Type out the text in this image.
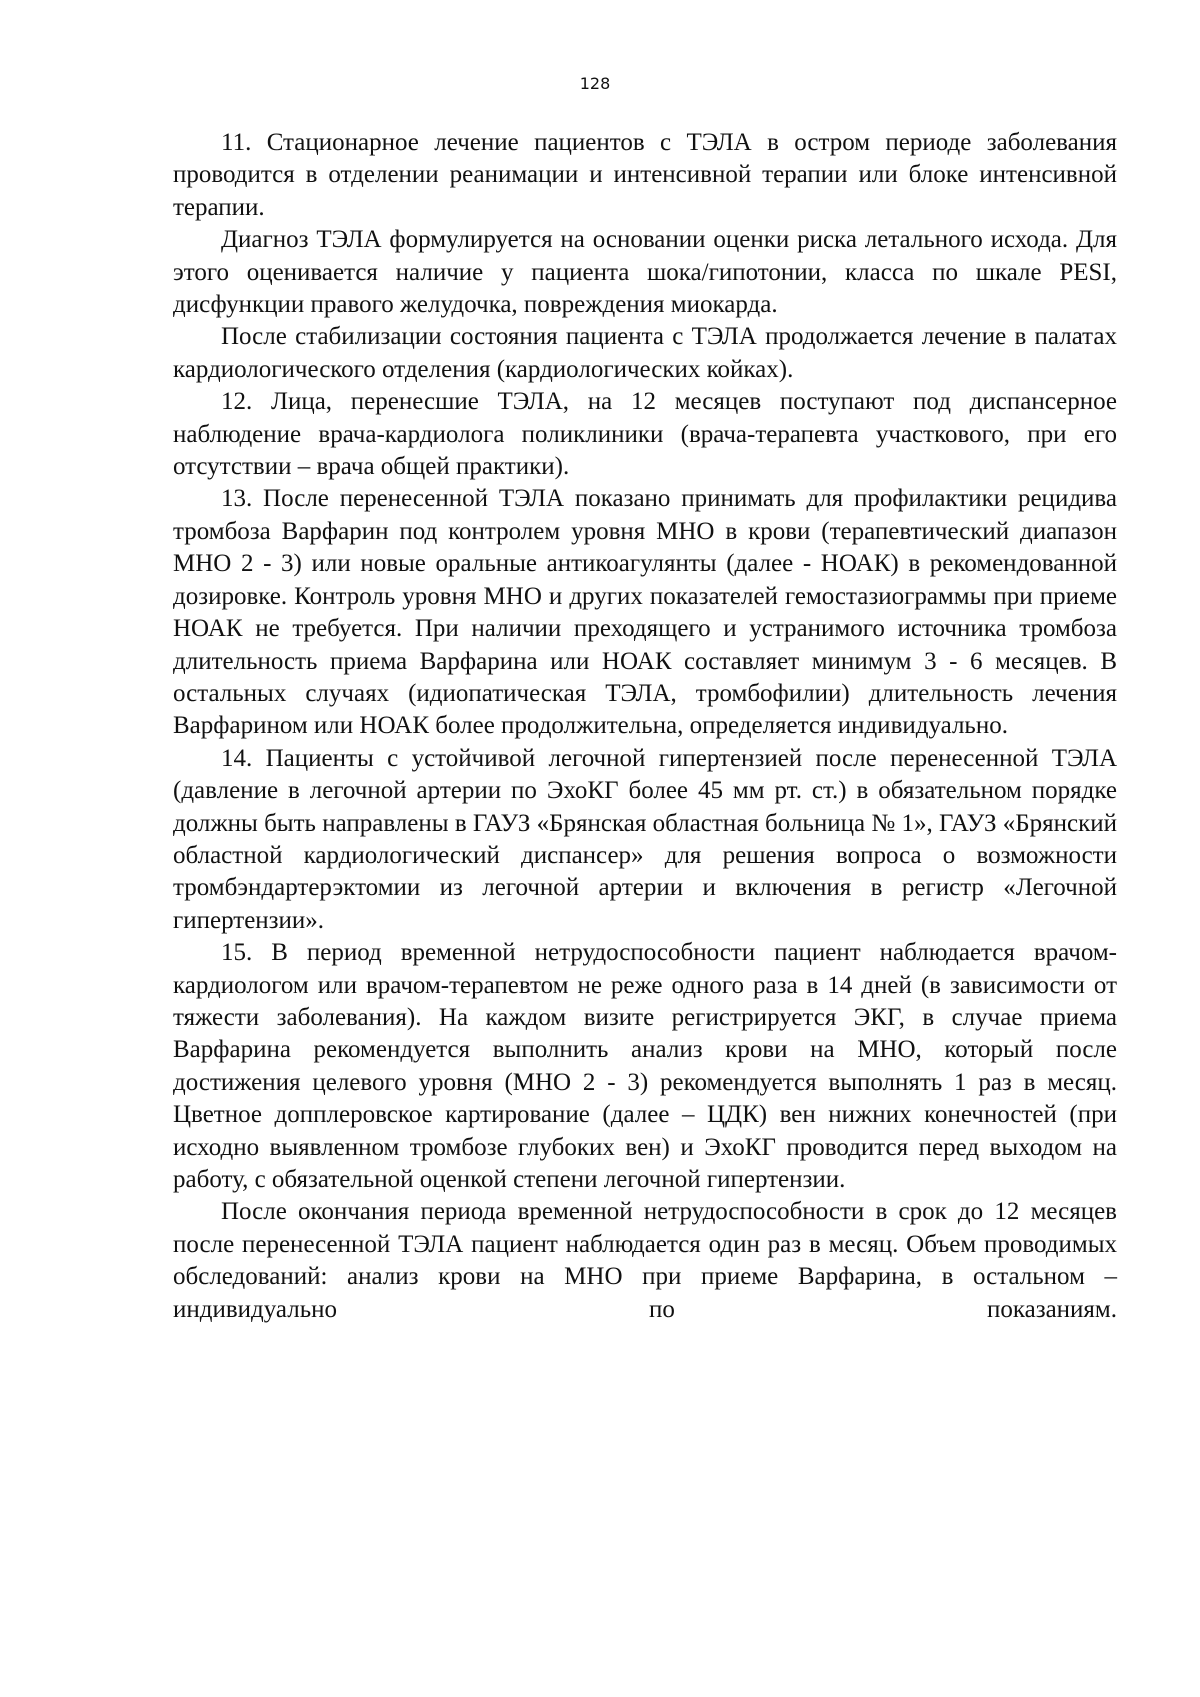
128

11. Стационарное лечение пациентов с ТЭЛА в остром периоде заболевания проводится в отделении реанимации и интенсивной терапии или блоке интенсивной терапии.

Диагноз ТЭЛА формулируется на основании оценки риска летального исхода. Для этого оценивается наличие у пациента шока/гипотонии, класса по шкале PESI, дисфункции правого желудочка, повреждения миокарда.

После стабилизации состояния пациента с ТЭЛА продолжается лечение в палатах кардиологического отделения (кардиологических койках).

12. Лица, перенесшие ТЭЛА, на 12 месяцев поступают под диспансерное наблюдение врача-кардиолога поликлиники (врача-терапевта участкового, при его отсутствии – врача общей практики).

13. После перенесенной ТЭЛА показано принимать для профилактики рецидива тромбоза Варфарин под контролем уровня МНО в крови (терапевтический диапазон МНО 2 - 3) или новые оральные антикоагулянты (далее - НОАК) в рекомендованной дозировке. Контроль уровня МНО и других показателей гемостазиограммы при приеме НОАК не требуется. При наличии преходящего и устранимого источника тромбоза длительность приема Варфарина или НОАК составляет минимум 3 - 6 месяцев. В остальных случаях (идиопатическая ТЭЛА, тромбофилии) длительность лечения Варфарином или НОАК более продолжительна, определяется индивидуально.

14. Пациенты с устойчивой легочной гипертензией после перенесенной ТЭЛА (давление в легочной артерии по ЭхоКГ более 45 мм рт. ст.) в обязательном порядке должны быть направлены в ГАУЗ «Брянская областная больница № 1», ГАУЗ «Брянский областной кардиологический диспансер» для решения вопроса о возможности тромбэндартерэктомии из легочной артерии и включения в регистр «Легочной гипертензии».

15. В период временной нетрудоспособности пациент наблюдается врачом-кардиологом или врачом-терапевтом не реже одного раза в 14 дней (в зависимости от тяжести заболевания). На каждом визите регистрируется ЭКГ, в случае приема Варфарина рекомендуется выполнить анализ крови на МНО, который после достижения целевого уровня (МНО 2 - 3) рекомендуется выполнять 1 раз в месяц. Цветное допплеровское картирование (далее – ЦДК) вен нижних конечностей (при исходно выявленном тромбозе глубоких вен) и ЭхоКГ проводится перед выходом на работу, с обязательной оценкой степени легочной гипертензии.

После окончания периода временной нетрудоспособности в срок до 12 месяцев после перенесенной ТЭЛА пациент наблюдается один раз в месяц. Объем проводимых обследований: анализ крови на МНО при приеме Варфарина, в остальном – индивидуально по показаниям.
